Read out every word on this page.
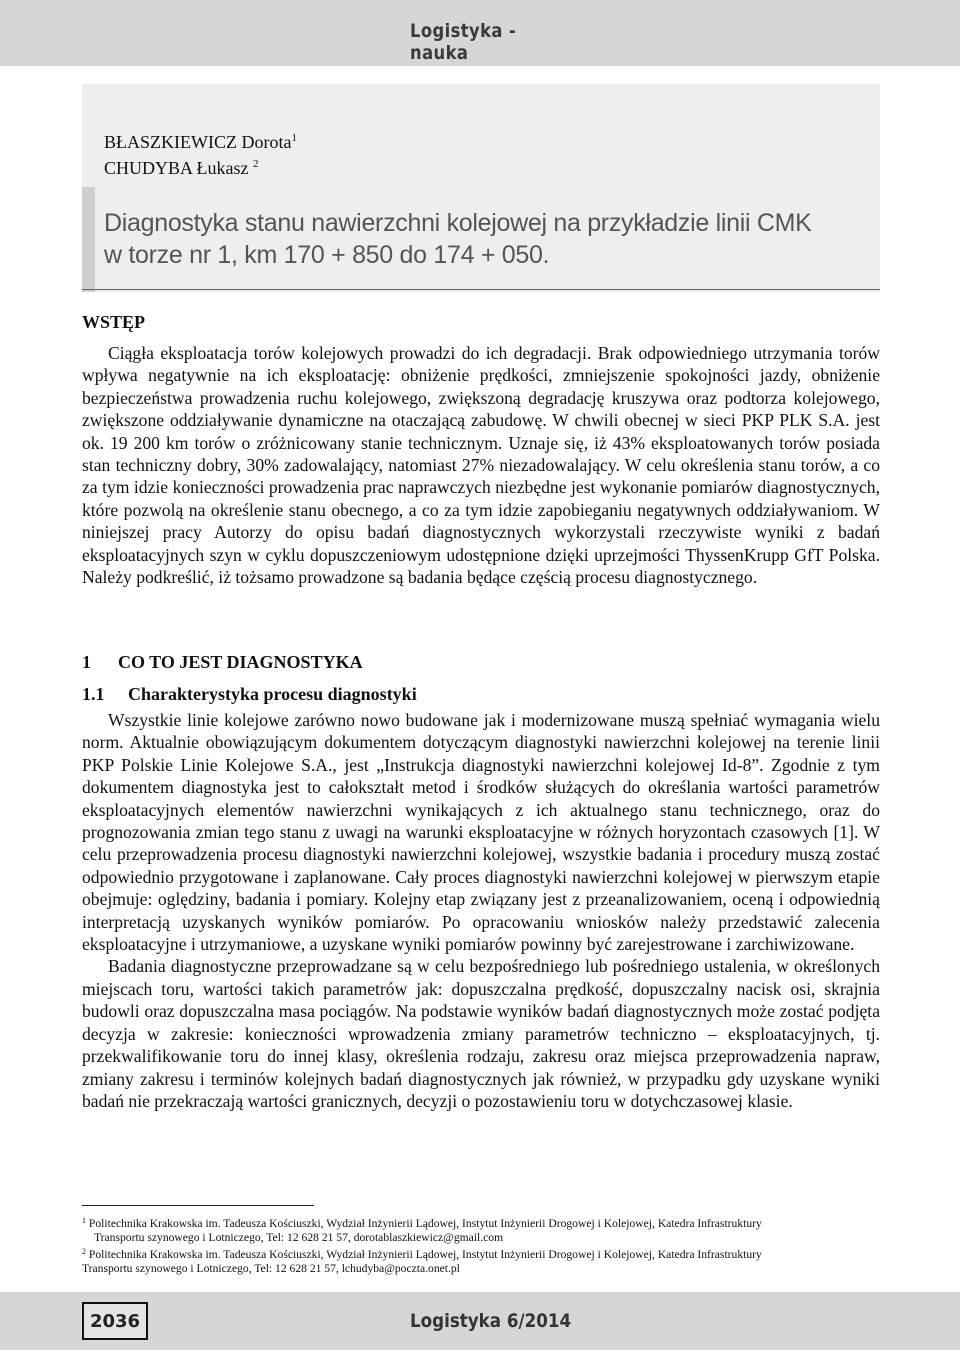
Logistyka - nauka
BŁASZKIEWICZ Dorota$^1$
CHUDYBA Łukasz $^2$
Diagnostyka stanu nawierzchni kolejowej na przykładzie linii CMK
w torze nr 1, km 170 + 850 do 174 + 050.
WSTĘP

Ciągła eksploatacja torów kolejowych prowadzi do ich degradacji. Brak odpowiedniego utrzymania torów wpływa negatywnie na ich eksploatację: obniżenie prędkości, zmniejszenie spokojności jazdy, obniżenie bezpieczeństwa prowadzenia ruchu kolejowego, zwiększoną degradację kruszywa oraz podtorza kolejowego, zwiększone oddziaływanie dynamiczne na otaczającą zabudowę. W chwili obecnej w sieci PKP PLK S.A. jest ok. 19 200 km torów o zróżnicowany stanie technicznym. Uznaje się, iż 43% eksploatowanych torów posiada stan techniczny dobry, 30% zadowalający, natomiast 27% niezadowalający. W celu określenia stanu torów, a co za tym idzie konieczności prowadzenia prac naprawczych niezbędne jest wykonanie pomiarów diagnostycznych, które pozwolą na określenie stanu obecnego, a co za tym idzie zapobieganiu negatywnych oddziaływaniom. W niniejszej pracy Autorzy do opisu badań diagnostycznych wykorzystali rzeczywiste wyniki z badań eksploatacyjnych szyn w cyklu dopuszczeniowym udostępnione dzięki uprzejmości ThyssenKrupp GfT Polska. Należy podkreślić, iż tożsamo prowadzone są badania będące częścią procesu diagnostycznego.

1 CO TO JEST DIAGNOSTYKA
1.1 Charakterystyka procesu diagnostyki

Wszystkie linie kolejowe zarówno nowo budowane jak i modernizowane muszą spełniać wymagania wielu norm. Aktualnie obowiązującym dokumentem dotyczącym diagnostyki nawierzchni kolejowej na terenie linii PKP Polskie Linie Kolejowe S.A., jest „Instrukcja diagnostyki nawierzchni kolejowej Id-8”. Zgodnie z tym dokumentem diagnostyka jest to całokształt metod i środków służących do określania wartości parametrów eksploatacyjnych elementów nawierzchni wynikających z ich aktualnego stanu technicznego, oraz do prognozowania zmian tego stanu z uwagi na warunki eksploatacyjne w różnych horyzontach czasowych [1]. W celu przeprowadzenia procesu diagnostyki nawierzchni kolejowej, wszystkie badania i procedury muszą zostać odpowiednio przygotowane i zaplanowane. Cały proces diagnostyki nawierzchni kolejowej w pierwszym etapie obejmuje: oględziny, badania i pomiary. Kolejny etap związany jest z przeanalizowaniem, oceną i odpowiednią interpretacją uzyskanych wyników pomiarów. Po opracowaniu wniosków należy przedstawić zalecenia eksploatacyjne i utrzymaniowe, a uzyskane wyniki pomiarów powinny być zarejestrowane i zarchiwizowane.

Badania diagnostyczne przeprowadzane są w celu bezpośredniego lub pośredniego ustalenia, w określonych miejscach toru, wartości takich parametrów jak: dopuszczalna prędkość, dopuszczalny nacisk osi, skrajnia budowli oraz dopuszczalna masa pociągów. Na podstawie wyników badań diagnostycznych może zostać podjęta decyzja w zakresie: konieczności wprowadzenia zmiany parametrów techniczno – eksploatacyjnych, tj. przekwalifikowanie toru do innej klasy, określenia rodzaju, zakresu oraz miejsca przeprowadzenia napraw, zmiany zakresu i terminów kolejnych badań diagnostycznych jak również, w przypadku gdy uzyskane wyniki badań nie przekraczają wartości granicznych, decyzji o pozostawieniu toru w dotychczasowej klasie.

$^1$ Politechnika Krakowska im. Tadeusza Kościuszki, Wydział Inżynierii Lądowej, Instytut Inżynierii Drogowej i Kolejowej, Katedra Infrastruktury
Transportu szynowego i Lotniczego, Tel: 12 628 21 57, dorotablaszkiewicz@gmail.com
$^2$ Politechnika Krakowska im. Tadeusza Kościuszki, Wydział Inżynierii Lądowej, Instytut Inżynierii Drogowej i Kolejowej, Katedra Infrastruktury
Transportu szynowego i Lotniczego, Tel: 12 628 21 57, lchudyba@poczta.onet.pl
2036	Logistyka 6/2014
